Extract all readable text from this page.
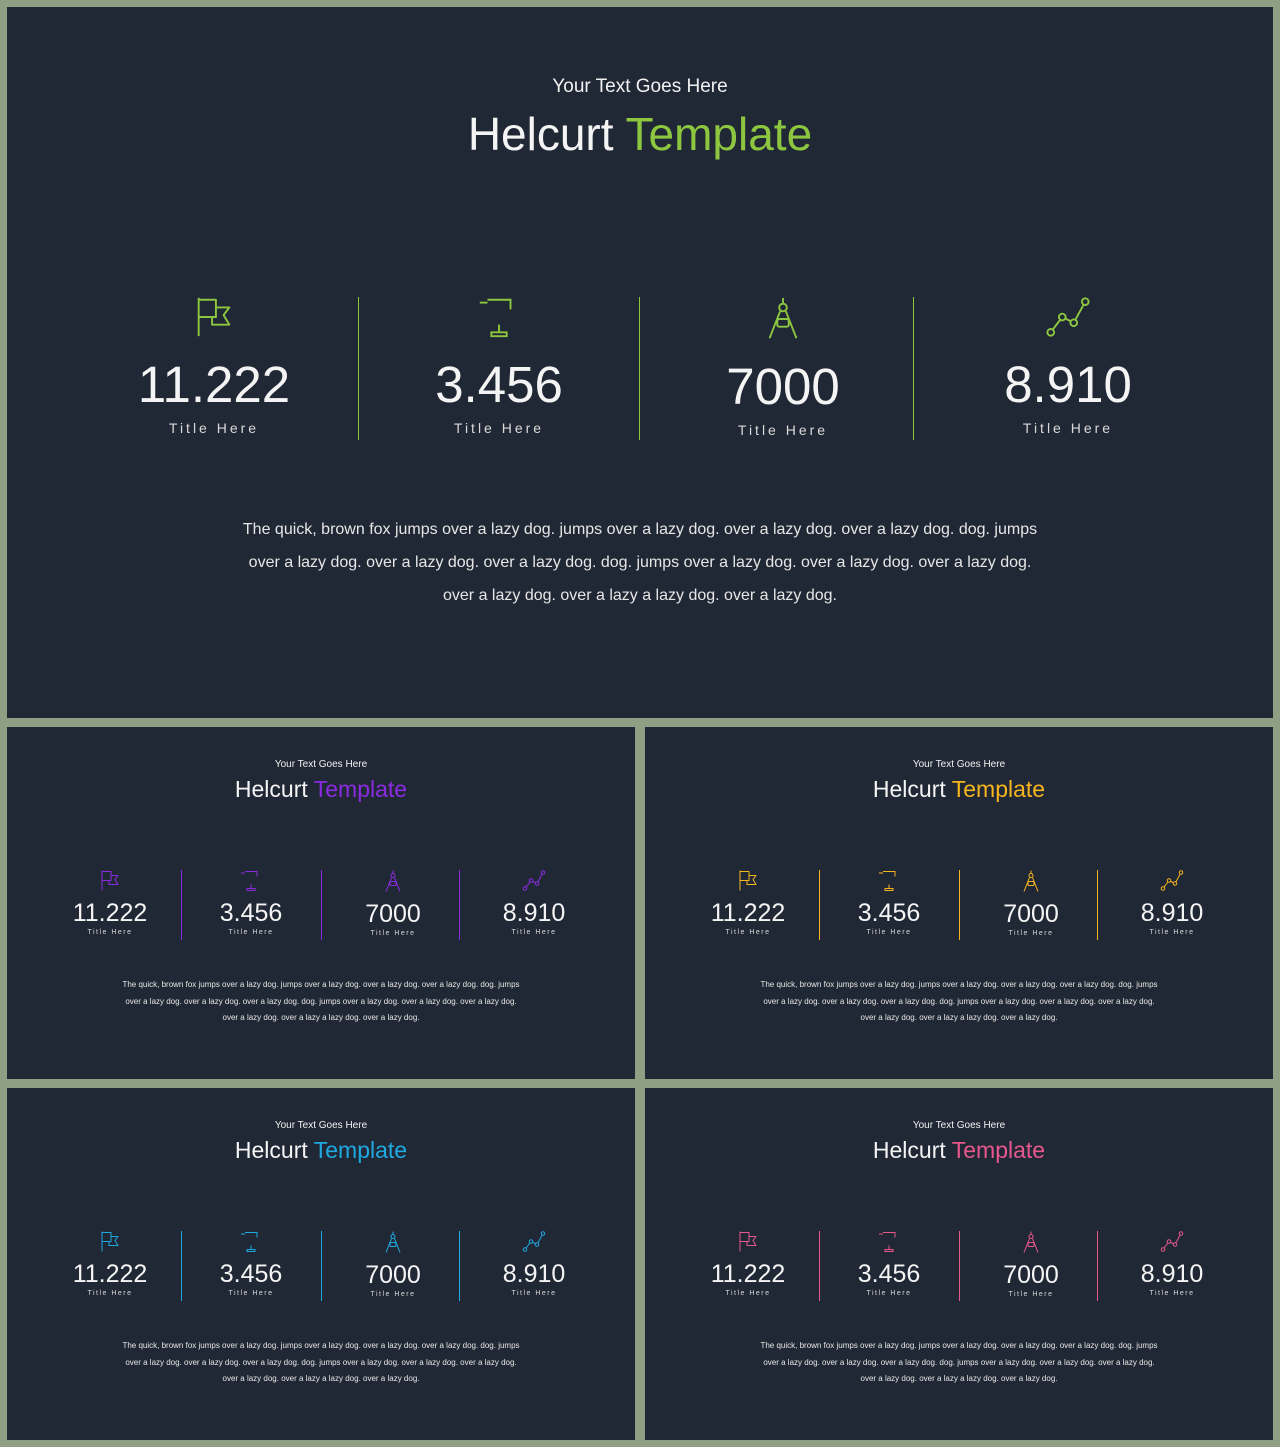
Your Text Goes Here
Helcurt Template
11.222
Title Here
3.456
Title Here
7000
Title Here
8.910
Title Here
The quick, brown fox jumps over a lazy dog. jumps over a lazy dog. over a lazy dog. over a lazy dog. dog. jumps over a lazy dog. over a lazy dog. over a lazy dog. dog. jumps over a lazy dog. over a lazy dog. over a lazy dog. over a lazy dog. over a lazy a lazy dog. over a lazy dog.
Your Text Goes Here
Helcurt Template
11.222
Title Here
3.456
Title Here
7000
Title Here
8.910
Title Here
The quick, brown fox jumps over a lazy dog. jumps over a lazy dog. over a lazy dog. over a lazy dog. dog. jumps over a lazy dog. over a lazy dog. over a lazy dog. dog. jumps over a lazy dog. over a lazy dog. over a lazy dog. over a lazy dog. over a lazy a lazy dog. over a lazy dog.
Your Text Goes Here
Helcurt Template
11.222
Title Here
3.456
Title Here
7000
Title Here
8.910
Title Here
The quick, brown fox jumps over a lazy dog. jumps over a lazy dog. over a lazy dog. over a lazy dog. dog. jumps over a lazy dog. over a lazy dog. over a lazy dog. dog. jumps over a lazy dog. over a lazy dog. over a lazy dog. over a lazy dog. over a lazy a lazy dog. over a lazy dog.
Your Text Goes Here
Helcurt Template
11.222
Title Here
3.456
Title Here
7000
Title Here
8.910
Title Here
The quick, brown fox jumps over a lazy dog. jumps over a lazy dog. over a lazy dog. over a lazy dog. dog. jumps over a lazy dog. over a lazy dog. over a lazy dog. dog. jumps over a lazy dog. over a lazy dog. over a lazy dog. over a lazy dog. over a lazy a lazy dog. over a lazy dog.
Your Text Goes Here
Helcurt Template
11.222
Title Here
3.456
Title Here
7000
Title Here
8.910
Title Here
The quick, brown fox jumps over a lazy dog. jumps over a lazy dog. over a lazy dog. over a lazy dog. dog. jumps over a lazy dog. over a lazy dog. over a lazy dog. dog. jumps over a lazy dog. over a lazy dog. over a lazy dog. over a lazy dog. over a lazy a lazy dog. over a lazy dog.
